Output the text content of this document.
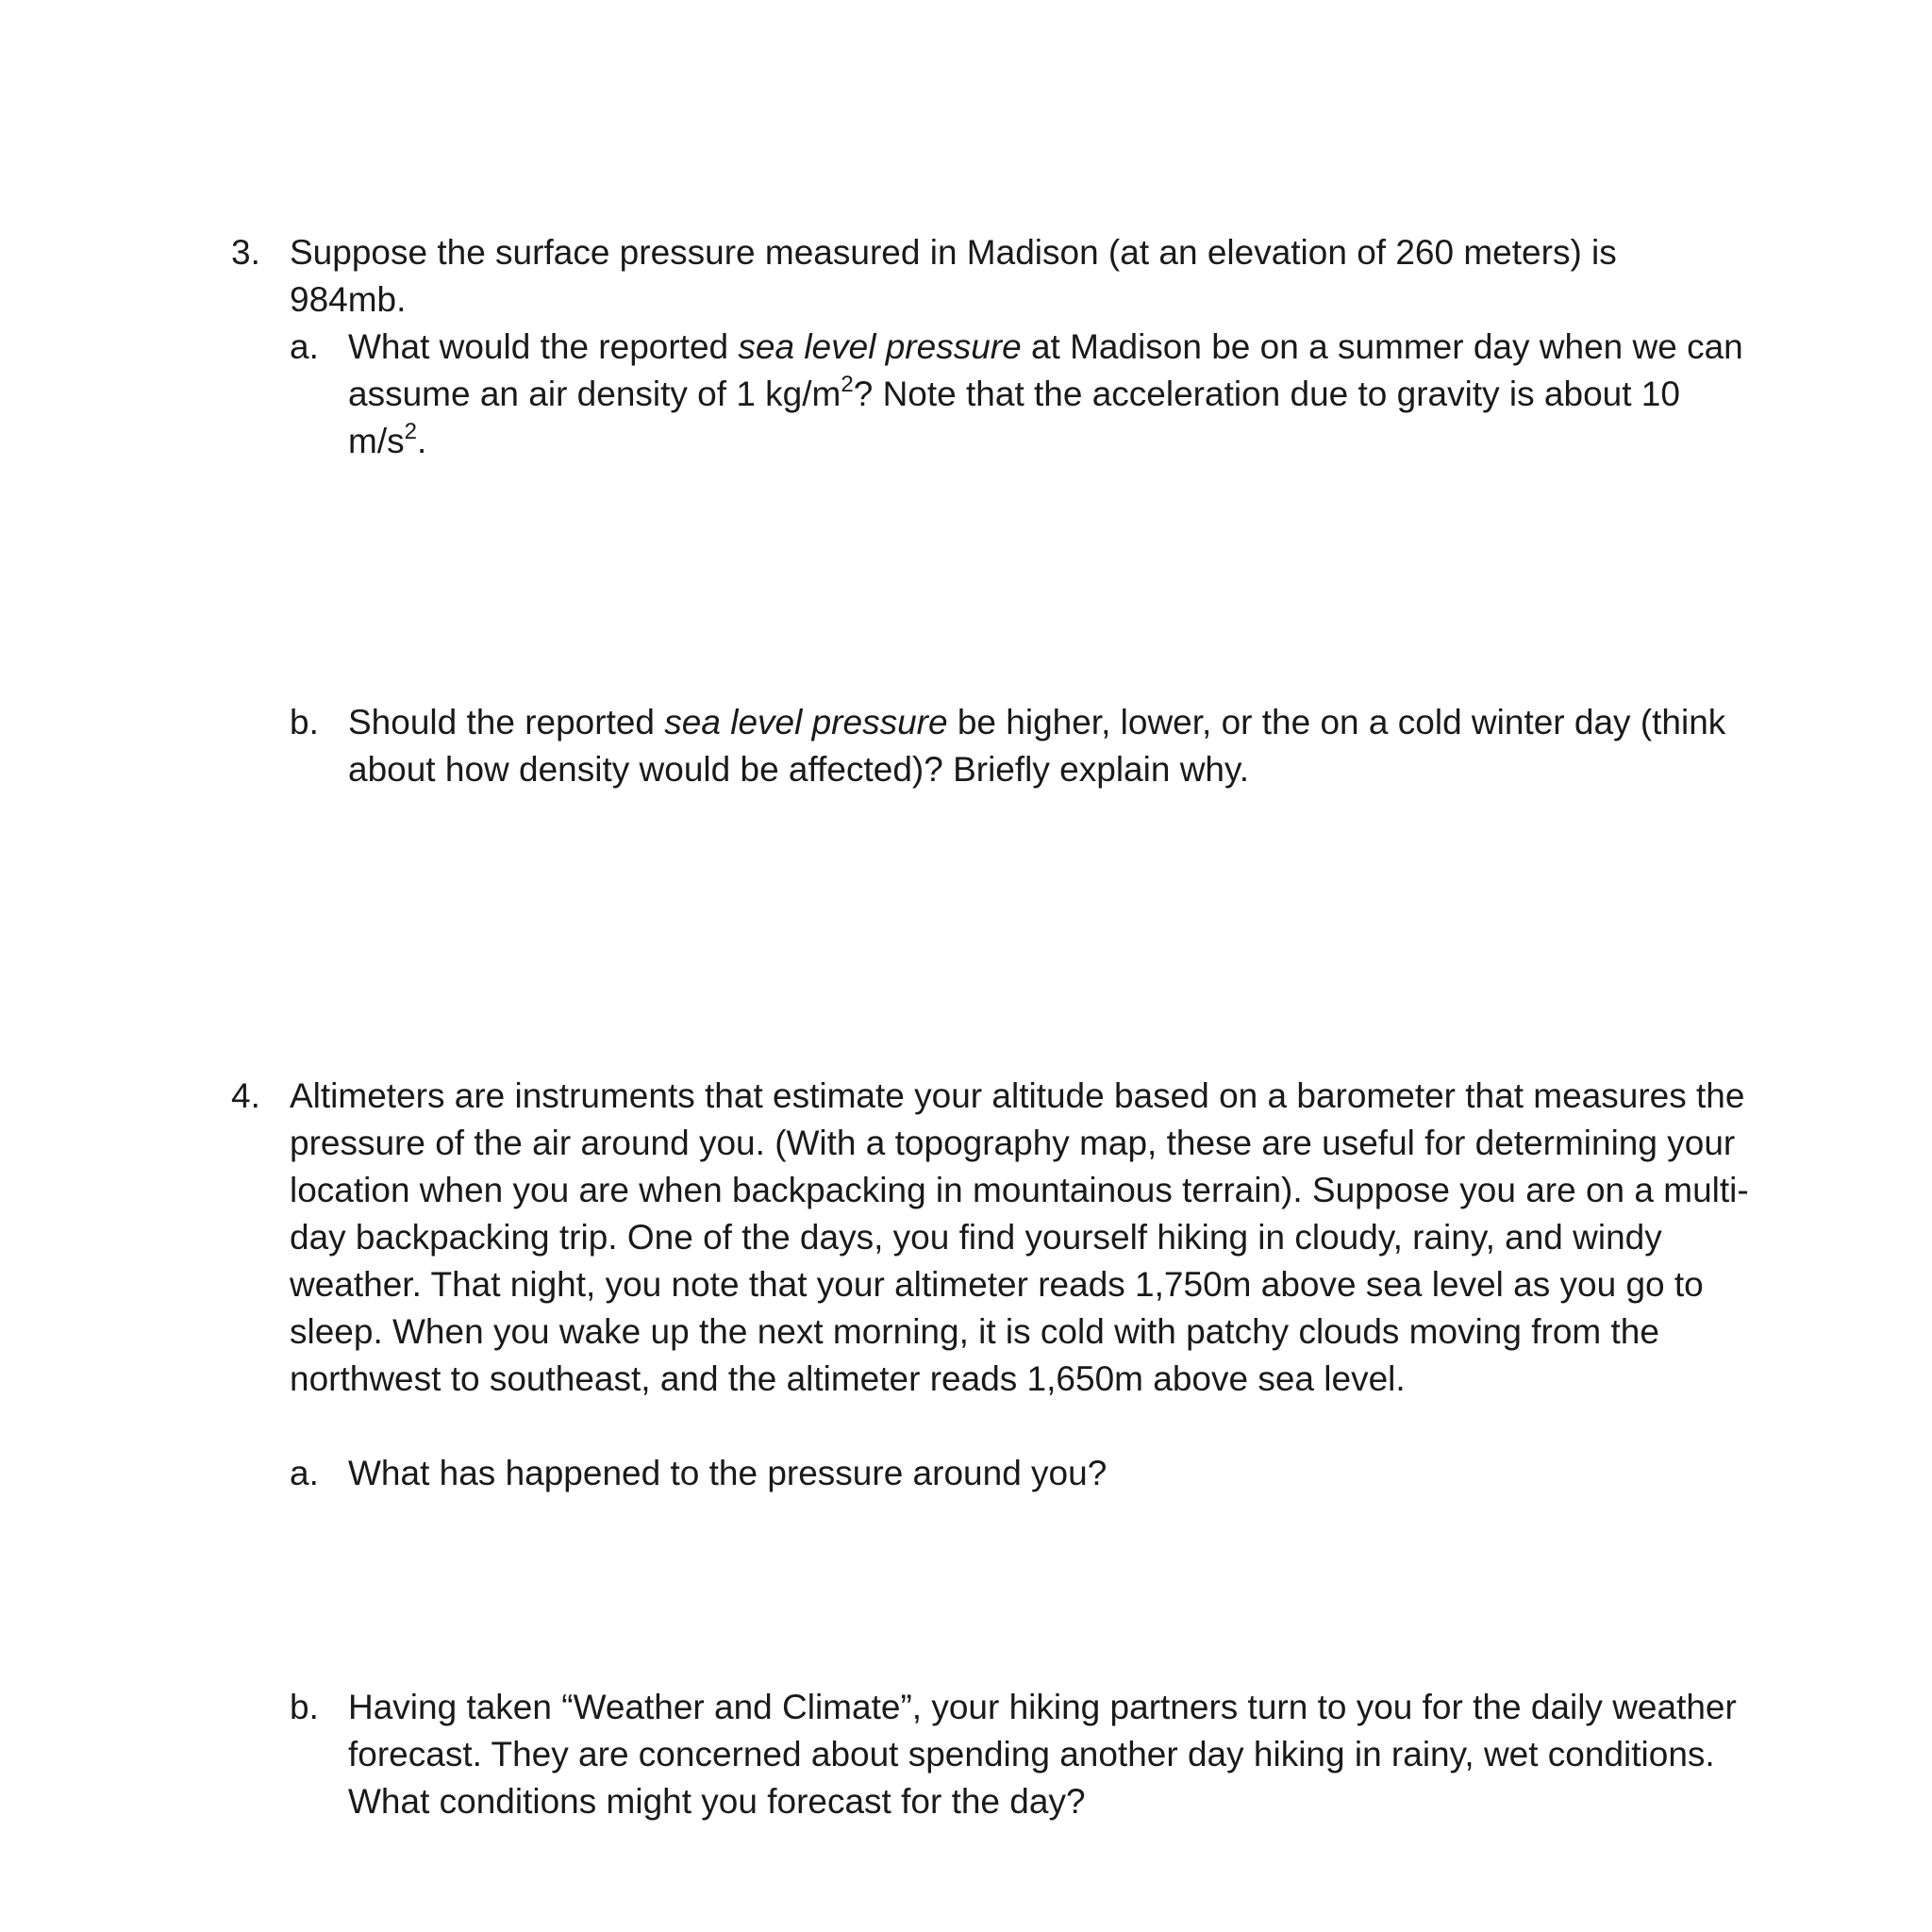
3. Suppose the surface pressure measured in Madison (at an elevation of 260 meters) is
984mb.
a. What would the reported sea level pressure at Madison be on a summer day when we can assume an air density of 1 $kg/m^2$? Note that the acceleration due to gravity is about 10 $m/s^2$.
b. Should the reported sea level pressure be higher, lower, or the on a cold winter day (think about how density would be affected)? Briefly explain why.
4. Altimeters are instruments that estimate your altitude based on a barometer that measures the pressure of the air around you. (With a topography map, these are useful for determining your location when you are when backpacking in mountainous terrain). Suppose you are on a multi-day backpacking trip. One of the days, you find yourself hiking in cloudy, rainy, and windy weather. That night, you note that your altimeter reads 1,750m above sea level as you go to sleep. When you wake up the next morning, it is cold with patchy clouds moving from the northwest to southeast, and the altimeter reads 1,650m above sea level.
a. What has happened to the pressure around you?
b. Having taken “Weather and Climate”, your hiking partners turn to you for the daily weather forecast. They are concerned about spending another day hiking in rainy, wet conditions. What conditions might you forecast for the day?
